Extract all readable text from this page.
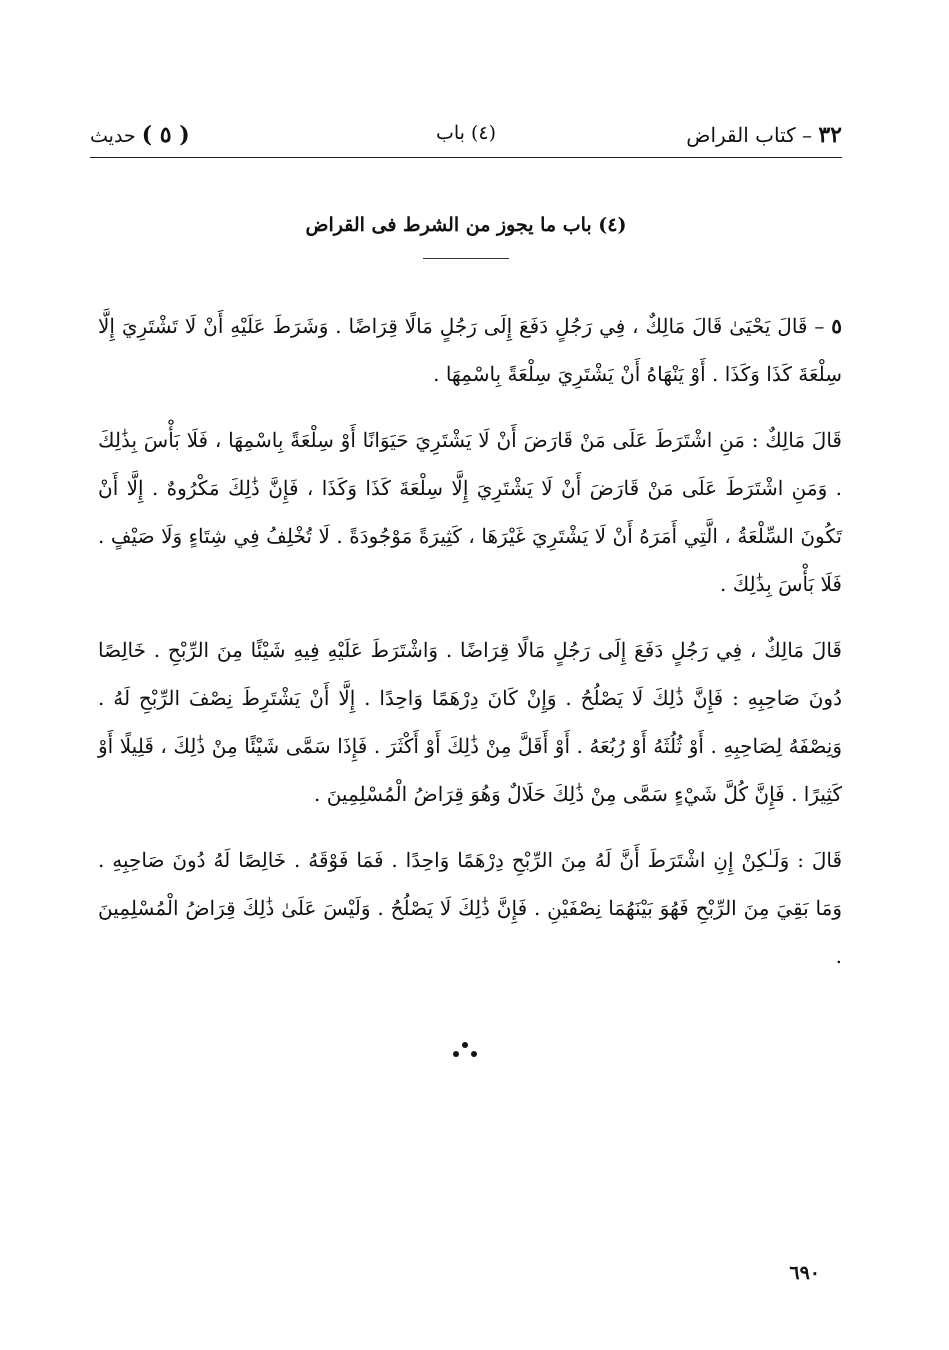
٣٢ – كتاب القراض
(٤) باب
( ٥ ) حديث
(٤) باب ما يجوز من الشرط فى القراض

٥ – قَالَ يَحْيَىٰ قَالَ مَالِكٌ ، فِي رَجُلٍ دَفَعَ إِلَى رَجُلٍ مَالًا قِرَاضًا . وَشَرَطَ عَلَيْهِ أَنْ لَا تَشْتَرِيَ إِلَّا سِلْعَةَ كَذَا وَكَذَا . أَوْ يَنْهَاهُ أَنْ يَشْتَرِيَ سِلْعَةً بِاسْمِهَا .

قَالَ مَالِكٌ : مَنِ اشْتَرَطَ عَلَى مَنْ قَارَضَ أَنْ لَا يَشْتَرِيَ حَيَوَانًا أَوْ سِلْعَةً بِاسْمِهَا ، فَلَا بَأْسَ بِذَٰلِكَ . وَمَنِ اشْتَرَطَ عَلَى مَنْ قَارَضَ أَنْ لَا يَشْتَرِيَ إِلَّا سِلْعَةَ كَذَا وَكَذَا ، فَإِنَّ ذَٰلِكَ مَكْرُوهٌ . إِلَّا أَنْ تَكُونَ السِّلْعَةُ ، الَّتِي أَمَرَهُ أَنْ لَا يَشْتَرِيَ غَيْرَهَا ، كَثِيرَةً مَوْجُودَةً . لَا تُخْلِفُ فِي شِتَاءٍ وَلَا صَيْفٍ . فَلَا بَأْسَ بِذَٰلِكَ .

قَالَ مَالِكٌ ، فِي رَجُلٍ دَفَعَ إِلَى رَجُلٍ مَالًا قِرَاضًا . وَاشْتَرَطَ عَلَيْهِ فِيهِ شَيْئًا مِنَ الرِّبْحِ . خَالِصًا دُونَ صَاحِبِهِ : فَإِنَّ ذَٰلِكَ لَا يَصْلُحُ . وَإِنْ كَانَ دِرْهَمًا وَاحِدًا . إِلَّا أَنْ يَشْتَرِطَ نِصْفَ الرِّبْحِ لَهُ . وَنِصْفَهُ لِصَاحِبِهِ . أَوْ ثُلُثَهُ أَوْ رُبُعَهُ . أَوْ أَقَلَّ مِنْ ذَٰلِكَ أَوْ أَكْثَرَ . فَإِذَا سَمَّى شَيْئًا مِنْ ذَٰلِكَ ، قَلِيلًا أَوْ كَثِيرًا . فَإِنَّ كُلَّ شَيْءٍ سَمَّى مِنْ ذَٰلِكَ حَلَالٌ وَهُوَ قِرَاضُ الْمُسْلِمِينَ .

قَالَ : وَلَـٰكِنْ إِنِ اشْتَرَطَ أَنَّ لَهُ مِنَ الرِّبْحِ دِرْهَمًا وَاحِدًا . فَمَا فَوْقَهُ . خَالِصًا لَهُ دُونَ صَاحِبِهِ . وَمَا بَقِيَ مِنَ الرِّبْحِ فَهُوَ بَيْنَهُمَا نِصْفَيْنِ . فَإِنَّ ذَٰلِكَ لَا يَصْلُحُ . وَلَيْسَ عَلَىٰ ذَٰلِكَ قِرَاضُ الْمُسْلِمِينَ .

٦٩٠
